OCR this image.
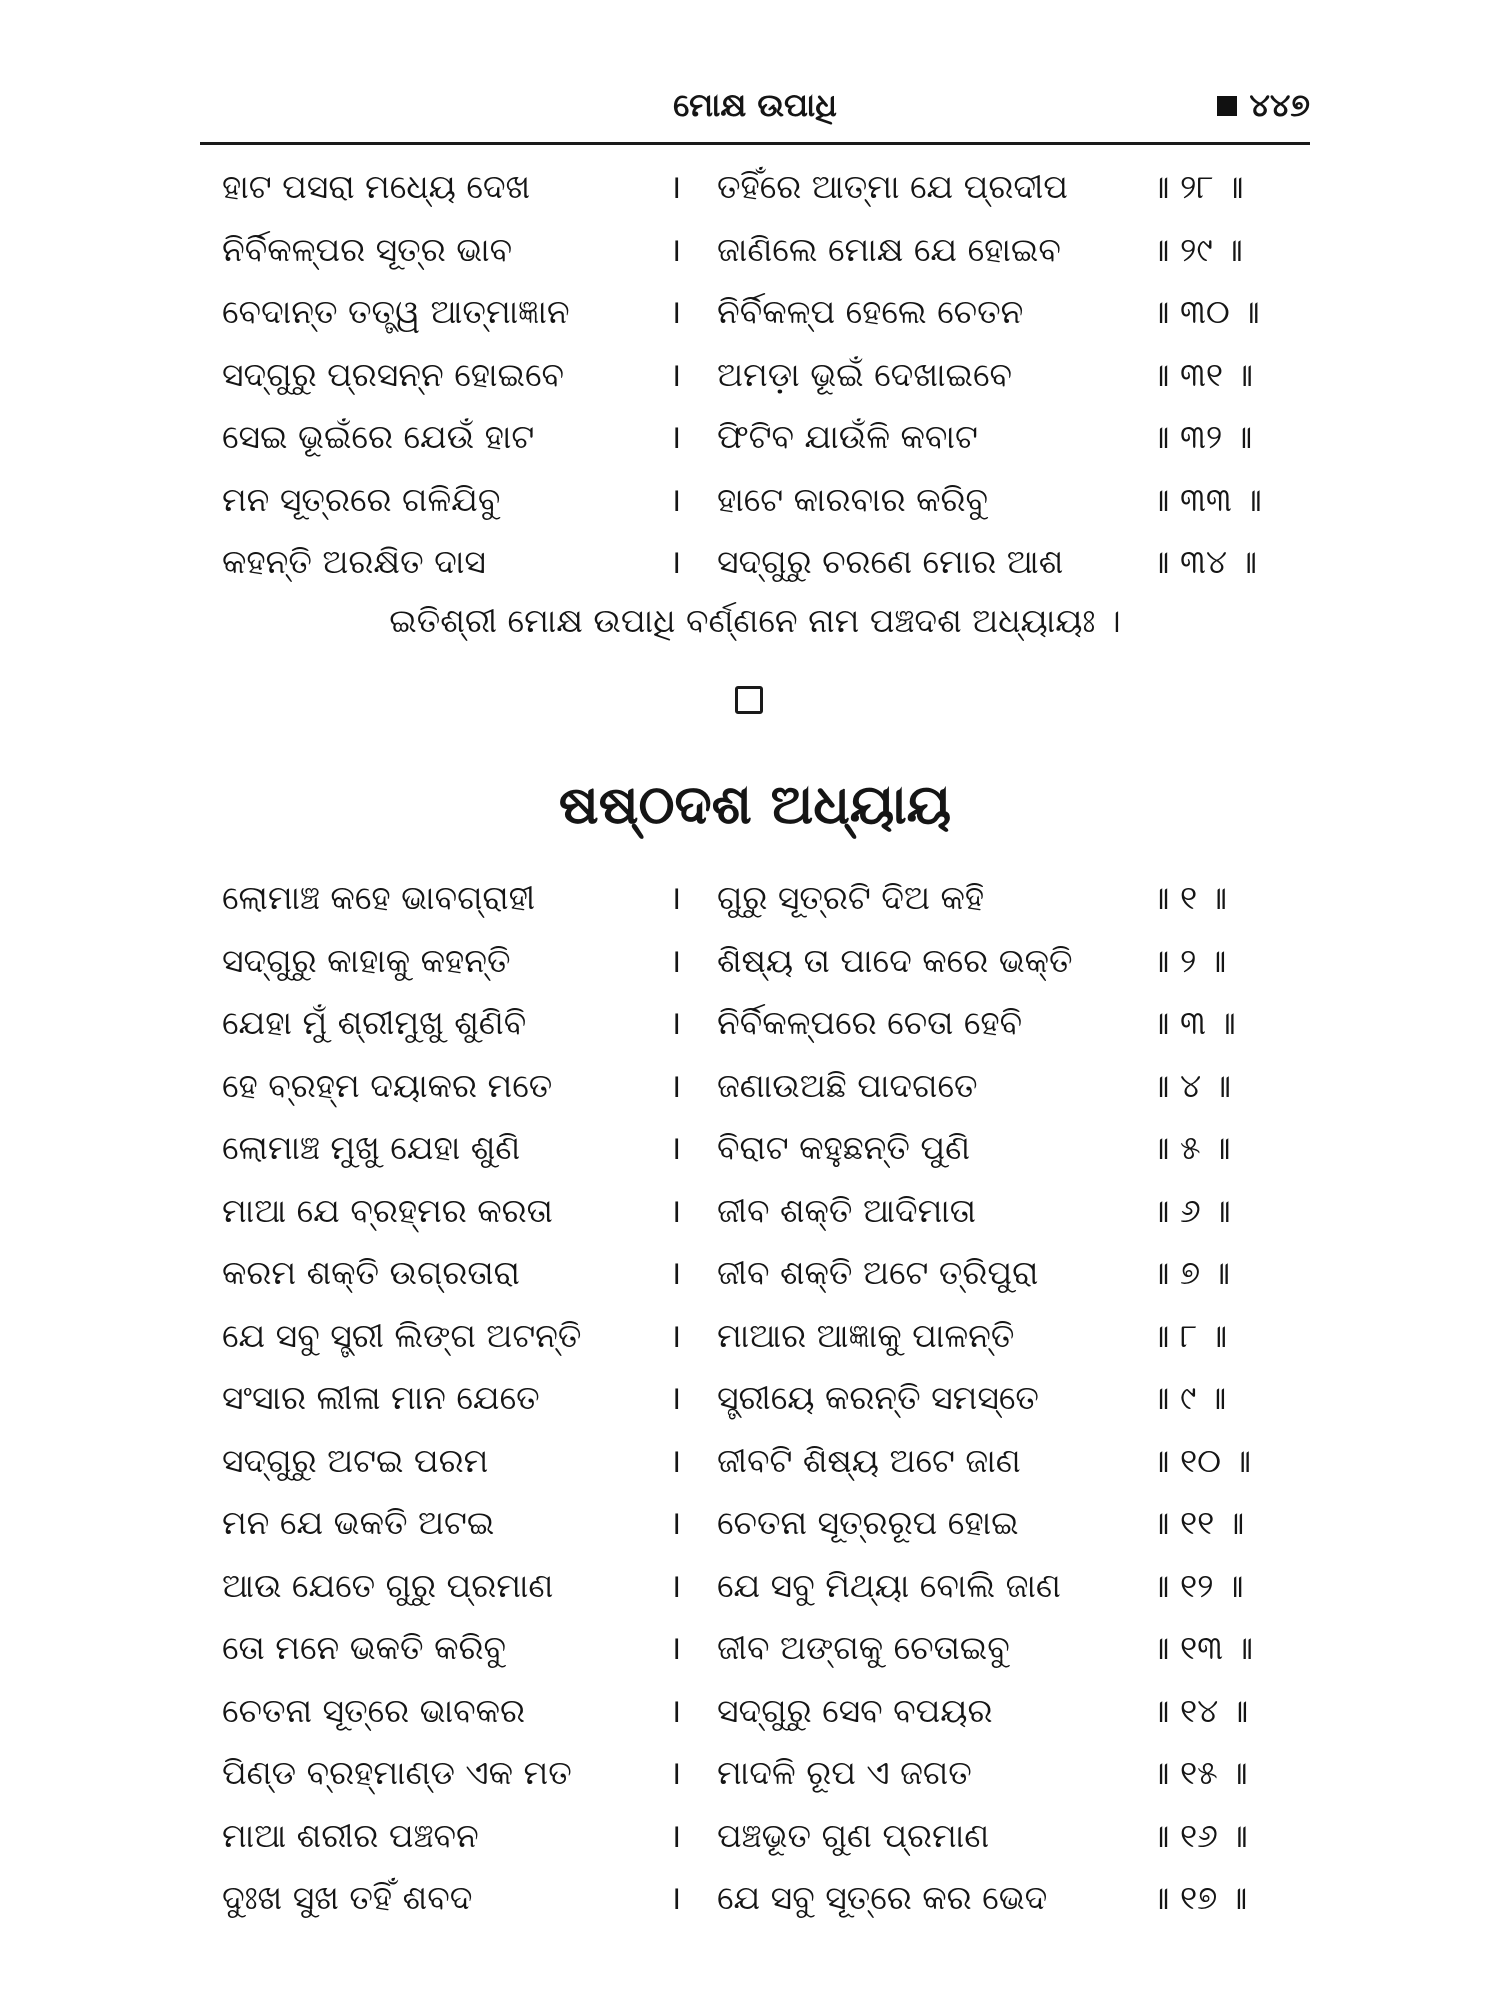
ମୋକ୍ଷ ଉପାଧି	୪୪୭
ହାଟ ପସରା ମଧ୍ୟେ ଦେଖ	। ତହିଁରେ ଆତ୍ମା ଯେ ପ୍ରଦୀପ ॥ ୨୮ ॥
ନିର୍ବିକଳ୍ପର ସୂତ୍ର ଭାବ	। ଜାଣିଲେ ମୋକ୍ଷ ଯେ ହୋଇବ	॥ ୨୯ ॥
ବେଦାନ୍ତ ତତ୍ତ୍ୱ ଆତ୍ମାଜ୍ଞାନ	। ନିର୍ବିକଳ୍ପ ହେଲେ ଚେତନ	॥ ୩୦ ॥
ସଦ୍‌ଗୁରୁ ପ୍ରସନ୍ନ ହୋଇବେ	। ଅମଡ଼ା ଭୂଇଁ ଦେଖାଇବେ	॥ ୩୧ ॥
ସେଇ ଭୂଇଁରେ ଯେଉଁ ହାଟ	। ଫିଟିବ ଯାଉଁଳି କବାଟ	॥ ୩୨ ॥
ମନ ସୂତ୍ରରେ ଗଳିଯିବୁ	। ହାଟେ କାରବାର କରିବୁ	॥ ୩୩ ॥
କହନ୍ତି ଅରକ୍ଷିତ ଦାସ	। ସଦ୍‌ଗୁରୁ ଚରଣେ ମୋର ଆଶ	॥ ୩୪ ॥
ଇତିଶ୍ରୀ ମୋକ୍ଷ ଉପାଧି ବର୍ଣ୍ଣନେ ନାମ ପଞ୍ଚଦଶ ଅଧ୍ୟାୟଃ ।
ଷଷ୍ଠଦଶ ଅଧ୍ୟାୟ
ଲୋମାଞ୍ଚ କହେ ଭାବଗ୍ରାହୀ	। ଗୁରୁ ସୂତ୍ରଟି ଦିଅ କହି	॥ ୧ ॥
ସଦ୍‌ଗୁରୁ କାହାକୁ କହନ୍ତି	। ଶିଷ୍ୟ ତା ପାଦେ କରେ ଭକ୍ତି ॥ ୨ ॥
ଯେହା ମୁଁ ଶ୍ରୀମୁଖୁ ଶୁଣିବି	। ନିର୍ବିକଳ୍ପରେ ଚେତା ହେବି	॥ ୩ ॥
ହେ ବ୍ରହ୍ମ ଦୟାକର ମତେ	। ଜଣାଉଅଛି ପାଦଗତେ	॥ ୪ ॥
ଲୋମାଞ୍ଚ ମୁଖୁ ଯେହା ଶୁଣି	। ବିରାଟ କହୁଛନ୍ତି ପୁଣି	॥ ୫ ॥
ମାଆ ଯେ ବ୍ରହ୍ମର କରତା	। ଜୀବ ଶକ୍ତି ଆଦିମାତା	॥ ୬ ॥
କରମ ଶକ୍ତି ଉଗ୍ରତାରା	। ଜୀବ ଶକ୍ତି ଅଟେ ତ୍ରିପୁରା	॥ ୭ ॥
ଯେ ସବୁ ସ୍ତ୍ରୀ ଲିଙ୍ଗ ଅଟନ୍ତି	। ମାଆର ଆଜ୍ଞାକୁ ପାଳନ୍ତି	॥ ୮ ॥
ସଂସାର ଲୀଳା ମାନ ଯେତେ	। ସ୍ତ୍ରୀୟେ କରନ୍ତି ସମସ୍ତେ	॥ ୯ ॥
ସଦ୍‌ଗୁରୁ ଅଟଇ ପରମ	। ଜୀବଟି ଶିଷ୍ୟ ଅଟେ ଜାଣ	॥ ୧୦ ॥
ମନ ଯେ ଭକତି ଅଟଇ	। ଚେତନା ସୂତ୍ରରୂପ ହୋଇ	॥ ୧୧ ॥
ଆଉ ଯେତେ ଗୁରୁ ପ୍ରମାଣ	। ଯେ ସବୁ ମିଥ୍ୟା ବୋଲି ଜାଣ	॥ ୧୨ ॥
ତୋ ମନେ ଭକତି କରିବୁ	। ଜୀବ ଅଙ୍ଗକୁ ଚେତାଇବୁ	॥ ୧୩ ॥
ଚେତନା ସୂତ୍ରେ ଭାବକର	। ସଦ୍‌ଗୁରୁ ସେବ ବପୟର	॥ ୧୪ ॥
ପିଣ୍ଡ ବ୍ରହ୍ମାଣ୍ଡ ଏକ ମତ	। ମାଦଳି ରୂପ ଏ ଜଗତ	॥ ୧୫ ॥
ମାଆ ଶରୀର ପଞ୍ଚବନ	। ପଞ୍ଚଭୂତ ଗୁଣ ପ୍ରମାଣ	॥ ୧୬ ॥
ଦୁଃଖ ସୁଖ ତହିଁ ଶବଦ	। ଯେ ସବୁ ସୂତ୍ରେ କର ଭେଦ	॥ ୧୭ ॥
